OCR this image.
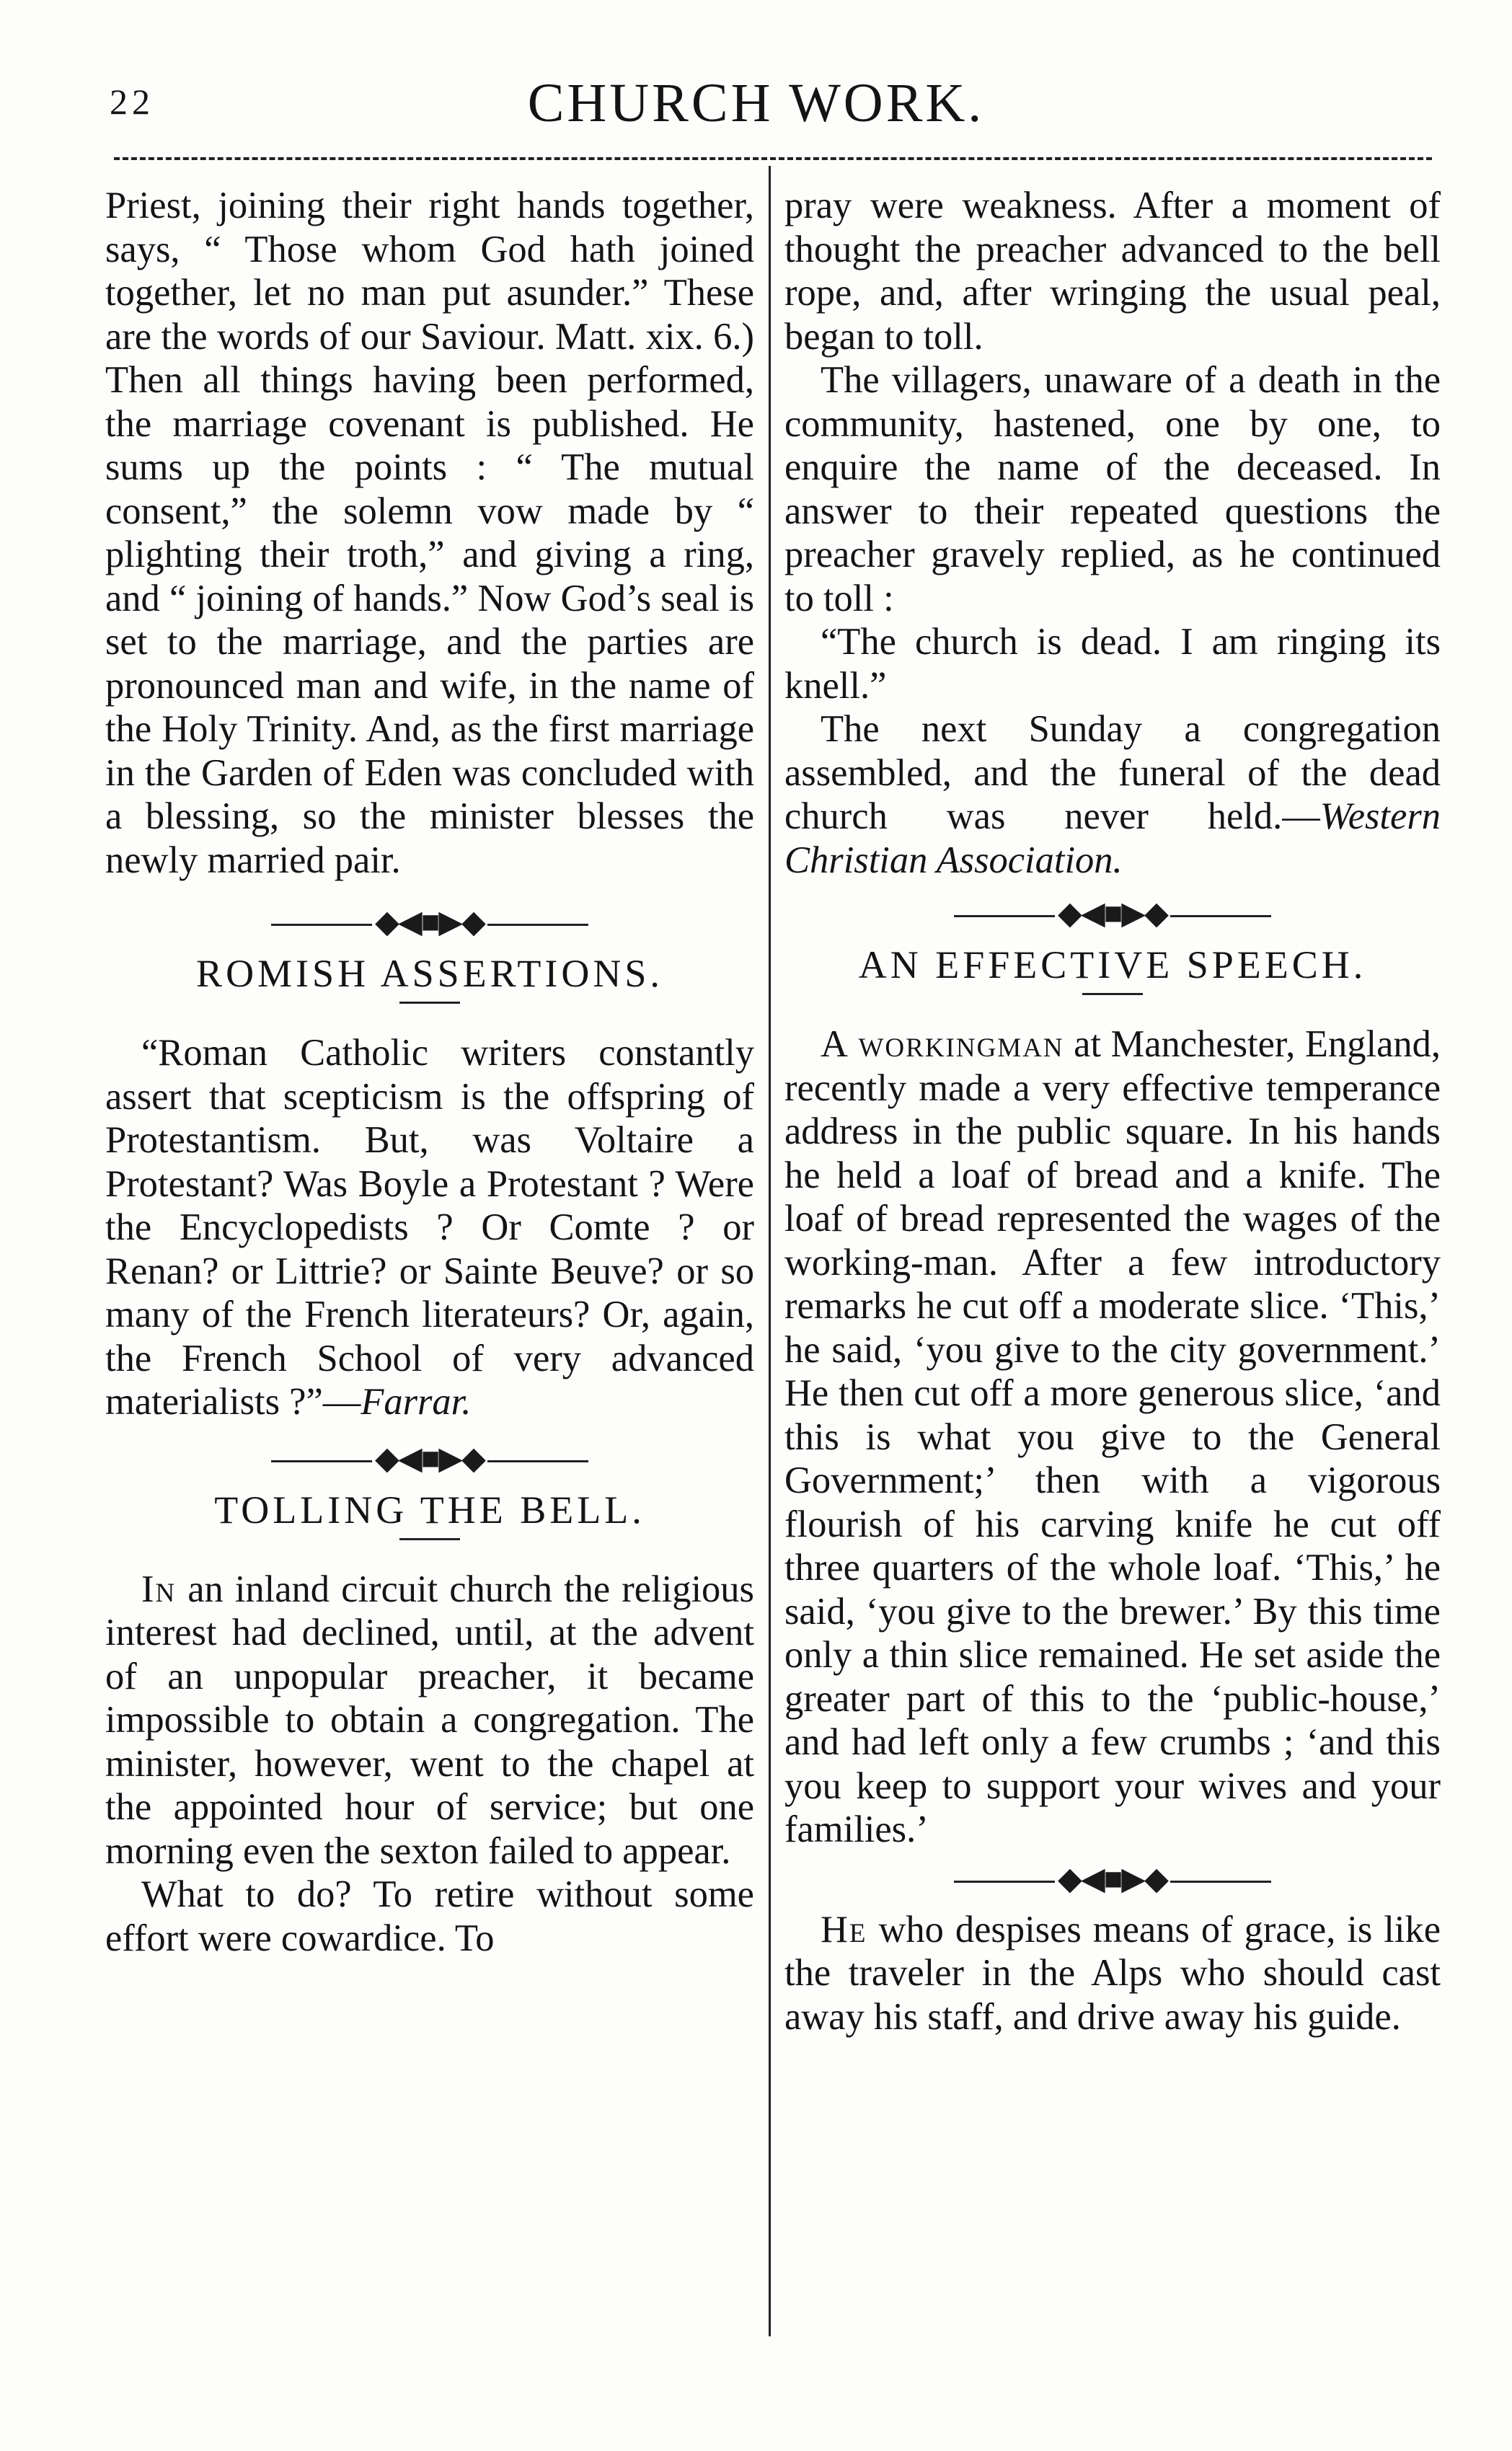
22	CHURCH WORK.

Priest, joining their right hands together, says, “ Those whom God hath joined together, let no man put asunder.” These are the words of our Saviour. Matt. xix. 6.) Then all things having been performed, the marriage covenant is published. He sums up the points : “ The mutual consent,” the solemn vow made by “ plighting their troth,” and giving a ring, and “ joining of hands.” Now God’s seal is set to the marriage, and the parties are pronounced man and wife, in the name of the Holy Trinity. And, as the first marriage in the Garden of Eden was concluded with a blessing, so the minister blesses the newly married pair.

◆◀■▶◆
ROMISH ASSERTIONS.

“Roman Catholic writers constantly assert that scepticism is the offspring of Protestantism. But, was Voltaire a Protestant? Was Boyle a Protestant ? Were the Encyclopedists ? Or Comte ? or Renan? or Littrie? or Sainte Beuve? or so many of the French literateurs? Or, again, the French School of very advanced materialists ?”—Farrar.

◆◀■▶◆
TOLLING THE BELL.

In an inland circuit church the religious interest had declined, until, at the advent of an unpopular preacher, it became impossible to obtain a congregation. The minister, however, went to the chapel at the appointed hour of service; but one morning even the sexton failed to appear.

What to do? To retire without some effort were cowardice. To

pray were weakness. After a moment of thought the preacher advanced to the bell rope, and, after wringing the usual peal, began to toll.

The villagers, unaware of a death in the community, hastened, one by one, to enquire the name of the deceased. In answer to their repeated questions the preacher gravely replied, as he continued to toll :

“The church is dead. I am ringing its knell.”

The next Sunday a congregation assembled, and the funeral of the dead church was never held.—Western Christian Association.

◆◀■▶◆
AN EFFECTIVE SPEECH.

A workingman at Manchester, England, recently made a very effective temperance address in the public square. In his hands he held a loaf of bread and a knife. The loaf of bread represented the wages of the working-man. After a few introductory remarks he cut off a moderate slice. ‘This,’ he said, ‘you give to the city government.’ He then cut off a more generous slice, ‘and this is what you give to the General Government;’ then with a vigorous flourish of his carving knife he cut off three quarters of the whole loaf. ‘This,’ he said, ‘you give to the brewer.’ By this time only a thin slice remained. He set aside the greater part of this to the ‘public-house,’ and had left only a few crumbs ; ‘and this you keep to support your wives and your families.’

◆◀■▶◆

He who despises means of grace, is like the traveler in the Alps who should cast away his staff, and drive away his guide.
